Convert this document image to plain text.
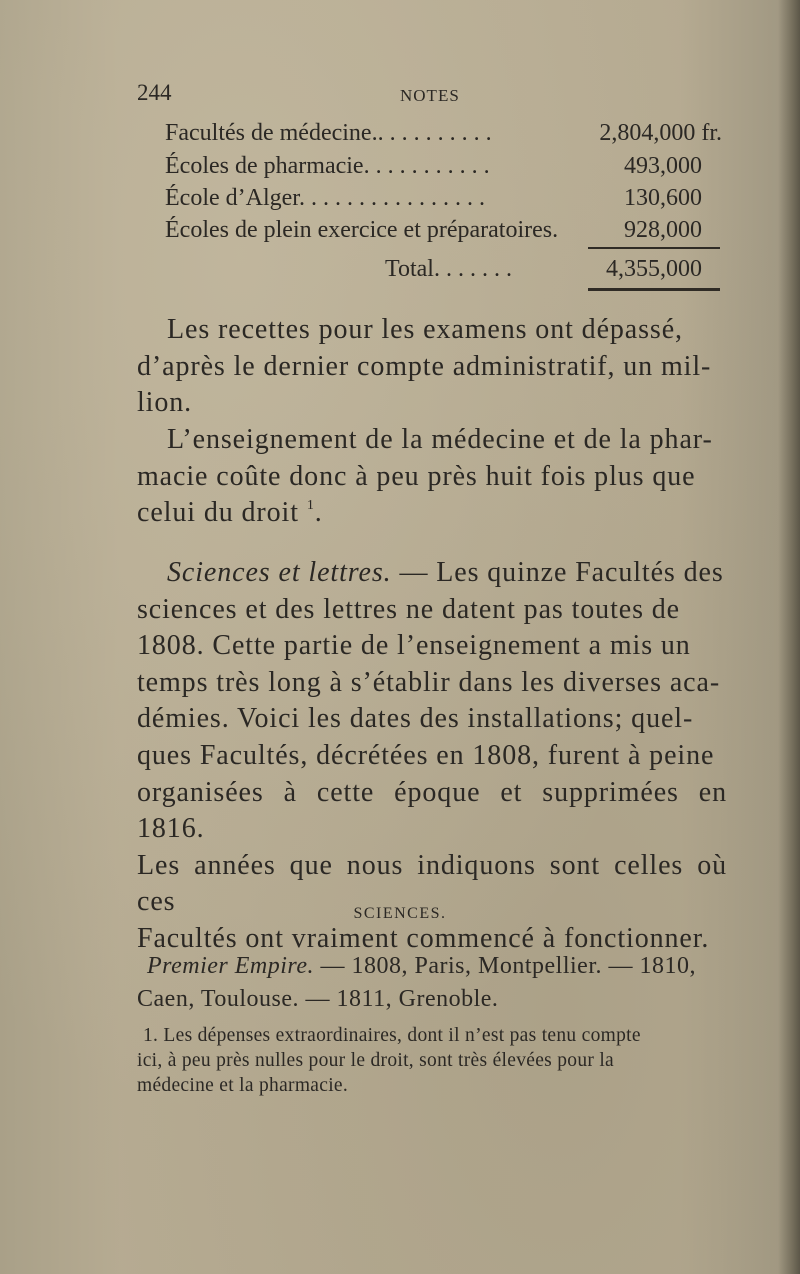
244	NOTES
Facultés de médecine.. . . . . . . . . .	2,804,000 fr.
Écoles de pharmacie. . . . . . . . . . .	493,000
École d’Alger. . . . . . . . . . . . . . . .	130,600
Écoles de plein exercice et préparatoires.	928,000
Total. . . . . . .	4,355,000
Les recettes pour les examens ont dépassé,
d’après le dernier compte administratif, un mil-
lion.
L’enseignement de la médecine et de la phar-
macie coûte donc à peu près huit fois plus que
celui du droit $^1$.
Sciences et lettres. — Les quinze Facultés des
sciences et des lettres ne datent pas toutes de
1808. Cette partie de l’enseignement a mis un
temps très long à s’établir dans les diverses aca-
démies. Voici les dates des installations; quel-
ques Facultés, décrétées en 1808, furent à peine
organisées à cette époque et supprimées en 1816.
Les années que nous indiquons sont celles où ces
Facultés ont vraiment commencé à fonctionner.
SCIENCES.
Premier Empire. — 1808, Paris, Montpellier. — 1810,
Caen, Toulouse. — 1811, Grenoble.
1. Les dépenses extraordinaires, dont il n’est pas tenu compte
ici, à peu près nulles pour le droit, sont très élevées pour la
médecine et la pharmacie.
